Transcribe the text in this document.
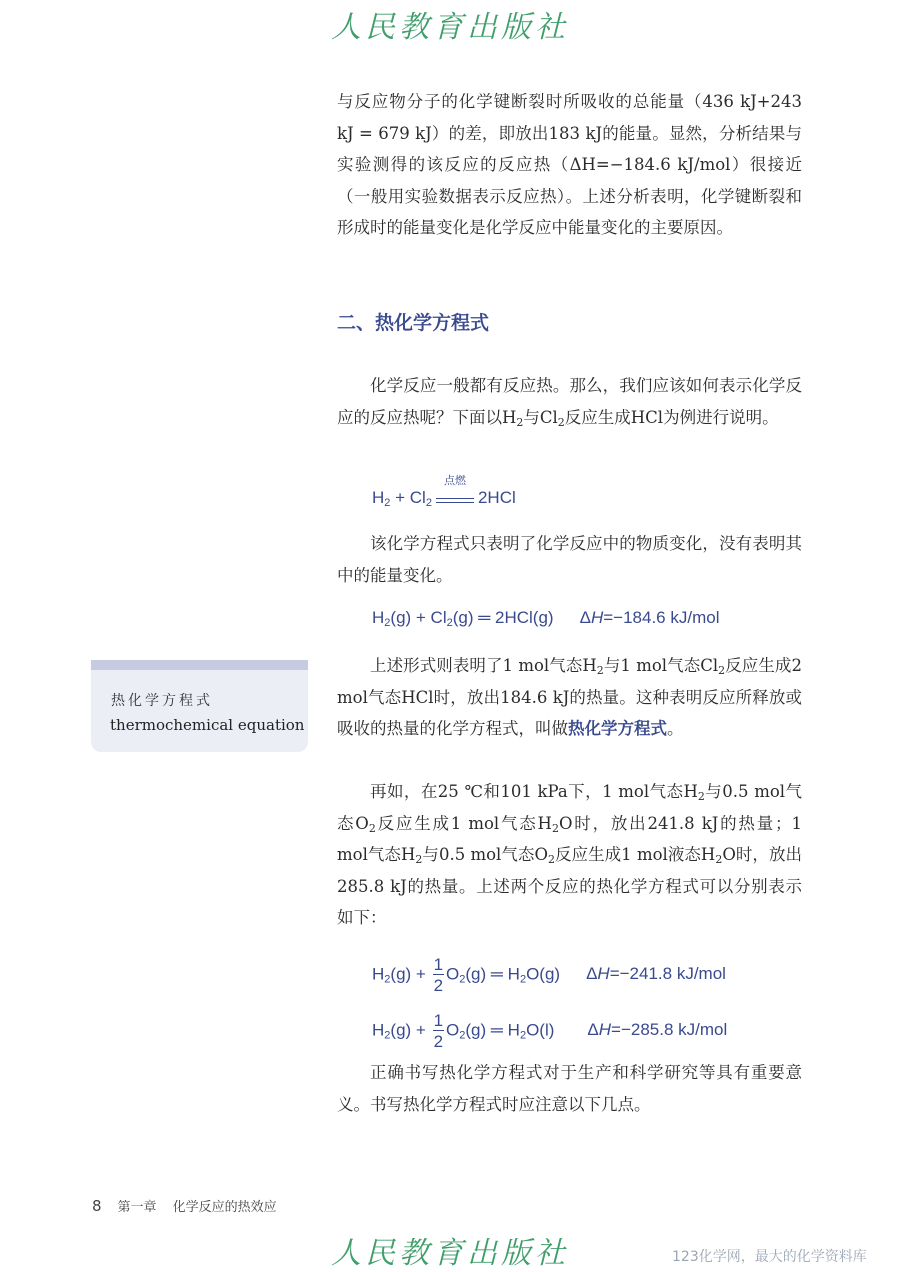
人民教育出版社

与反应物分子的化学键断裂时所吸收的总能量（436 kJ+243 kJ = 679 kJ）的差，即放出183 kJ的能量。显然，分析结果与实验测得的该反应的反应热（ΔH=−184.6 kJ/mol）很接近（一般用实验数据表示反应热）。上述分析表明，化学键断裂和形成时的能量变化是化学反应中能量变化的主要原因。

二、热化学方程式

化学反应一般都有反应热。那么，我们应该如何表示化学反应的反应热呢？下面以$H_2$与$Cl_2$反应生成HCl为例进行说明。

$H_2 + Cl_2$
点燃
2HCl

该化学方程式只表明了化学反应中的物质变化，没有表明其中的能量变化。

$H_2(g) + Cl_2(g)$ ═ 2HCl(g) ΔH=−184.6 kJ/mol
热化学方程式
thermochemical equation

上述形式则表明了1 mol气态$H_2$与1 mol气态$Cl_2$反应生成2 mol气态HCl时，放出184.6 kJ的热量。这种表明反应所释放或吸收的热量的化学方程式，叫做热化学方程式。

再如，在25 ℃和101 kPa下，1 mol气态$H_2$与0.5 mol气态$O_2$反应生成1 mol气态$H_2O$时，放出241.8 kJ的热量；1 mol气态$H_2$与0.5 mol气态$O_2$反应生成1 mol液态$H_2O$时，放出285.8 kJ的热量。上述两个反应的热化学方程式可以分别表示如下：

$H_2(g) + \frac{1}{2} O_2(g)$ ═ $H_2O(g)$ ΔH=−241.8 kJ/mol
$H_2(g) + \frac{1}{2} O_2(g)$ ═ $H_2O(l)$ ΔH=−285.8 kJ/mol

正确书写热化学方程式对于生产和科学研究等具有重要意义。书写热化学方程式时应注意以下几点。

8 第一章 化学反应的热效应
人民教育出版社	123化学网，最大的化学资料库
